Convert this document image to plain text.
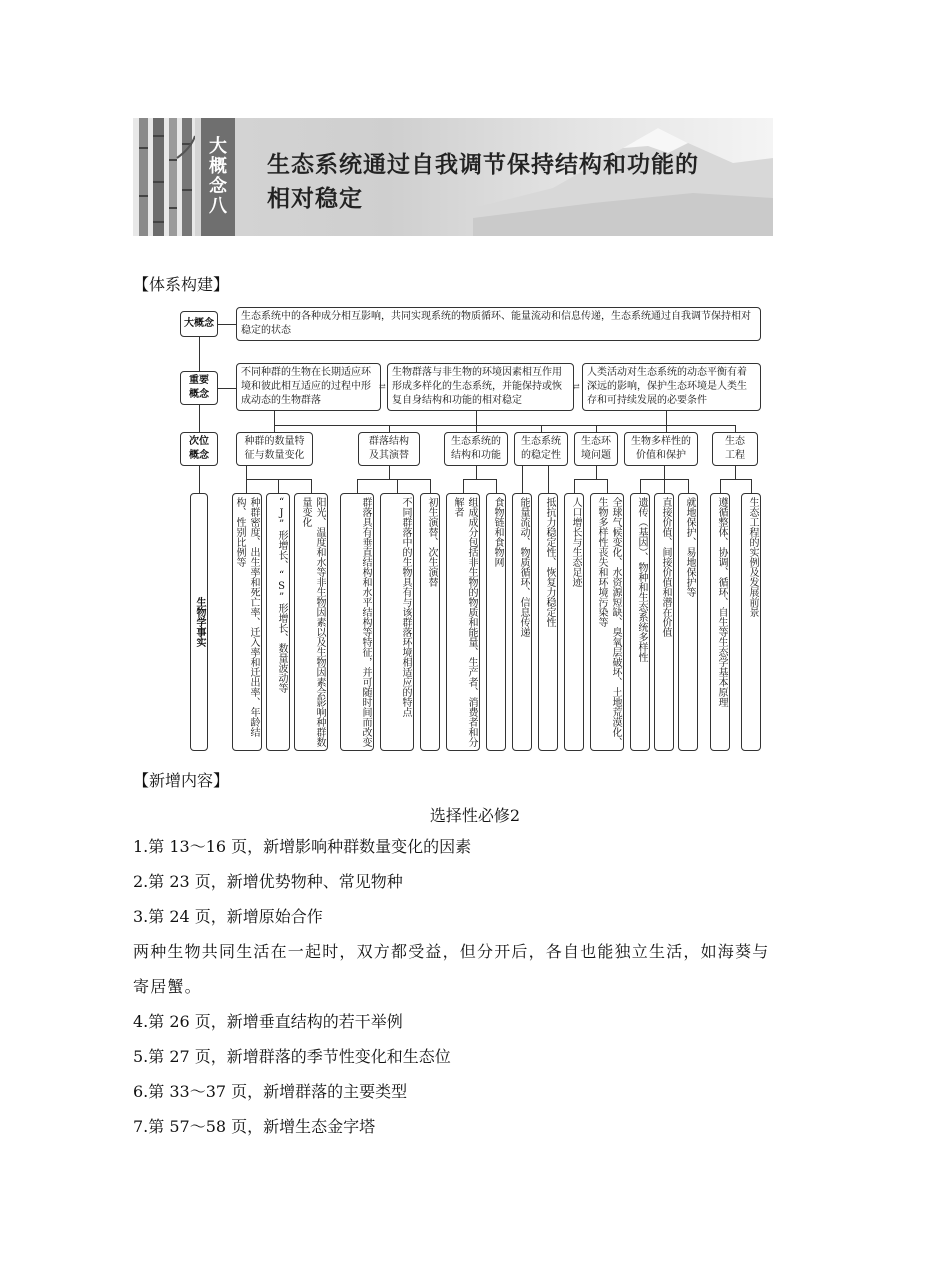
大
概
念
八
生态系统通过自我调节保持结构和功能的
相对稳定
【体系构建】
大概念
重要
概念
次位
概念
生物学事实
生态系统中的各种成分相互影响，共同实现系统的物质循环、能量流动和信息传递，生态系统通过自我调节保持相对稳定的状态
不同种群的生物在长期适应环境和彼此相互适应的过程中形成动态的生物群落
生物群落与非生物的环境因素相互作用形成多样化的生态系统，并能保持或恢复自身结构和功能的相对稳定
人类活动对生态系统的动态平衡有着深远的影响，保护生态环境是人类生存和可持续发展的必要条件
⇄	⇄
种群的数量特
征与数量变化
群落结构
及其演替
生态系统的
结构和功能
生态系统
的稳定性
生态环
境问题
生物多样性的
价值和保护
生态
工程
种群密度、出生率和死亡率、迁入率和迁出率、年龄结构、性别比例等	“J”形增长、“S”形增长、数量波动等	阳光、温度和水等非生物因素以及生物因素会影响种群数量变化	群落具有垂直结构和水平结构等特征，并可随时间而改变
不同群落中的生物具有与该群落环境相适应的特点
初生演替、次生演替	组成成分包括非生物的物质和能量、生产者、消费者和分解者	食物链和食物网	能量流动、物质循环、信息传递	抵抗力稳定性、恢复力稳定性	人口增长与生态足迹	全球气候变化、水资源短缺、臭氧层破坏、土地荒漠化、生物多样性丧失和环境污染等	遗传（基因）、物种和生态系统多样性	直接价值、间接价值和潜在价值	就地保护、易地保护等	遵循整体、协调、循环、自生等生态学基本原理	生态工程的实例及发展前景
【新增内容】
选择性必修2
1.第 13～16 页，新增影响种群数量变化的因素
2.第 23 页，新增优势物种、常见物种
3.第 24 页，新增原始合作
两种生物共同生活在一起时，双方都受益，但分开后，各自也能独立生活，如海葵与
寄居蟹。
4.第 26 页，新增垂直结构的若干举例
5.第 27 页，新增群落的季节性变化和生态位
6.第 33～37 页，新增群落的主要类型
7.第 57～58 页，新增生态金字塔
